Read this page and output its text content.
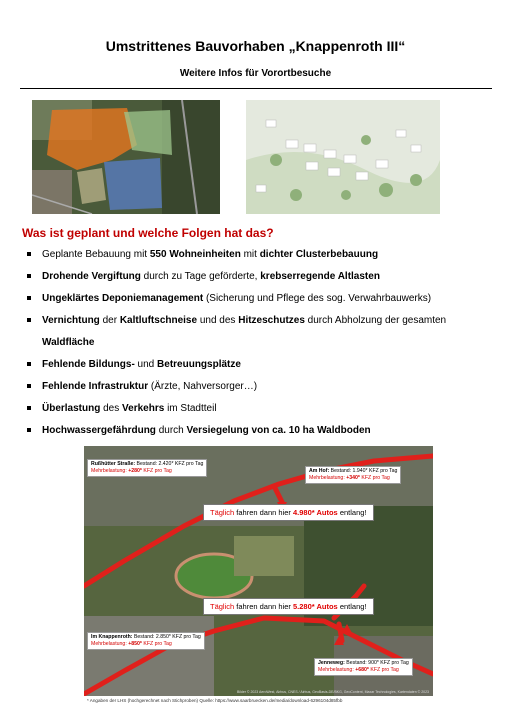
Umstrittenes Bauvorhaben „Knappenroth III“
Weitere Infos für Vorortbesuche
Was ist geplant und welche Folgen hat das?
Geplante Bebauung mit 550 Wohneinheiten mit dichter Clusterbebauung
Drohende Vergiftung durch zu Tage geförderte, krebserregende Altlasten
Ungeklärtes Deponiemanagement (Sicherung und Pflege des sog. Verwahrbauwerks)
Vernichtung der Kaltluftschneise und des Hitzeschutzes durch Abholzung der gesamten Waldfläche
Fehlende Bildungs- und Betreuungsplätze
Fehlende Infrastruktur (Ärzte, Nahversorger…)
Überlastung des Verkehrs im Stadtteil
Hochwassergefährdung durch Versiegelung von ca. 10 ha Waldboden
Rußhütter Straße: Bestand: 2.420* KFZ pro Tag
Mehrbelastung: +280* KFZ pro Tag	Am Hof: Bestand: 1.940* KFZ pro Tag
Mehrbelastung: +340* KFZ pro Tag
Täglich fahren dann hier 4.980* Autos entlang!
Täglich fahren dann hier 5.280* Autos entlang!
Im Knappenroth: Bestand: 2.850* KFZ pro Tag
Mehrbelastung: +850* KFZ pro Tag
Jenneweg: Bestand: 900* KFZ pro Tag
Mehrbelastung: +680* KFZ pro Tag
Bilder © 2023 AeroWest, Airbus, CNES / Airbus, GeoBasis-DE/BKG, GeoContent, Maxar Technologies, Kartendaten © 2023
* Angaben der LHS (hochgerechnet nach Stichproben) Quelle: https://www.saarbruecken.de/media/download-6296104d85fbb
